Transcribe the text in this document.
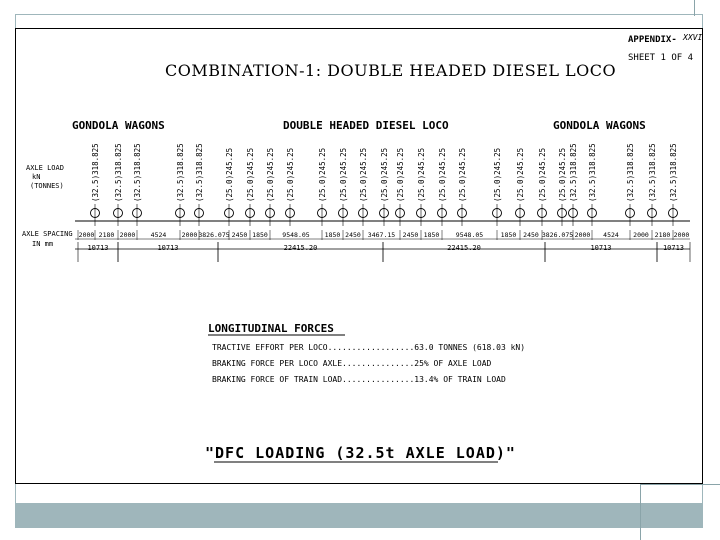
APPENDIX- XXVI
SHEET 1 OF 4
COMBINATION-1: DOUBLE HEADED DIESEL LOCO
GONDOLA WAGONS	DOUBLE HEADED DIESEL LOCO	GONDOLA WAGONS
AXLE LOAD
kN
(TONNES)
AXLE SPACING
IN mm
(32.5)318.825 (32.5)318.825 (32.5)318.825	(32.5)318.825 (32.5)318.825	(25.0)245.25 (25.0)245.25 (25.0)245.25 (25.0)245.25	(25.0)245.25 (25.0)245.25 (25.0)245.25 (25.0)245.25 (25.0)245.25 (25.0)245.25 (25.0)245.25 (25.0)245.25	(25.0)245.25 (25.0)245.25 (25.0)245.25 (25.0)245.25 (32.5)318.825 (32.5)318.825	(32.5)318.825 (32.5)318.825 (32.5)318.825
2000 2180 2000 4524 2000 3826.075 2450 1850 9548.05 1850 2450 3467.15 2450 1850	9548.05	1850 2450 3826.075 2000 4524 2000 2180 2000
10713	10713	22415.20	22415.20	10713	10713
LONGITUDINAL FORCES
TRACTIVE EFFORT PER LOCO..................63.0 TONNES (618.03 kN)
BRAKING FORCE PER LOCO AXLE...............25% OF AXLE LOAD
BRAKING FORCE OF TRAIN LOAD...............13.4% OF TRAIN LOAD
"DFC LOADING (32.5t AXLE LOAD)"
